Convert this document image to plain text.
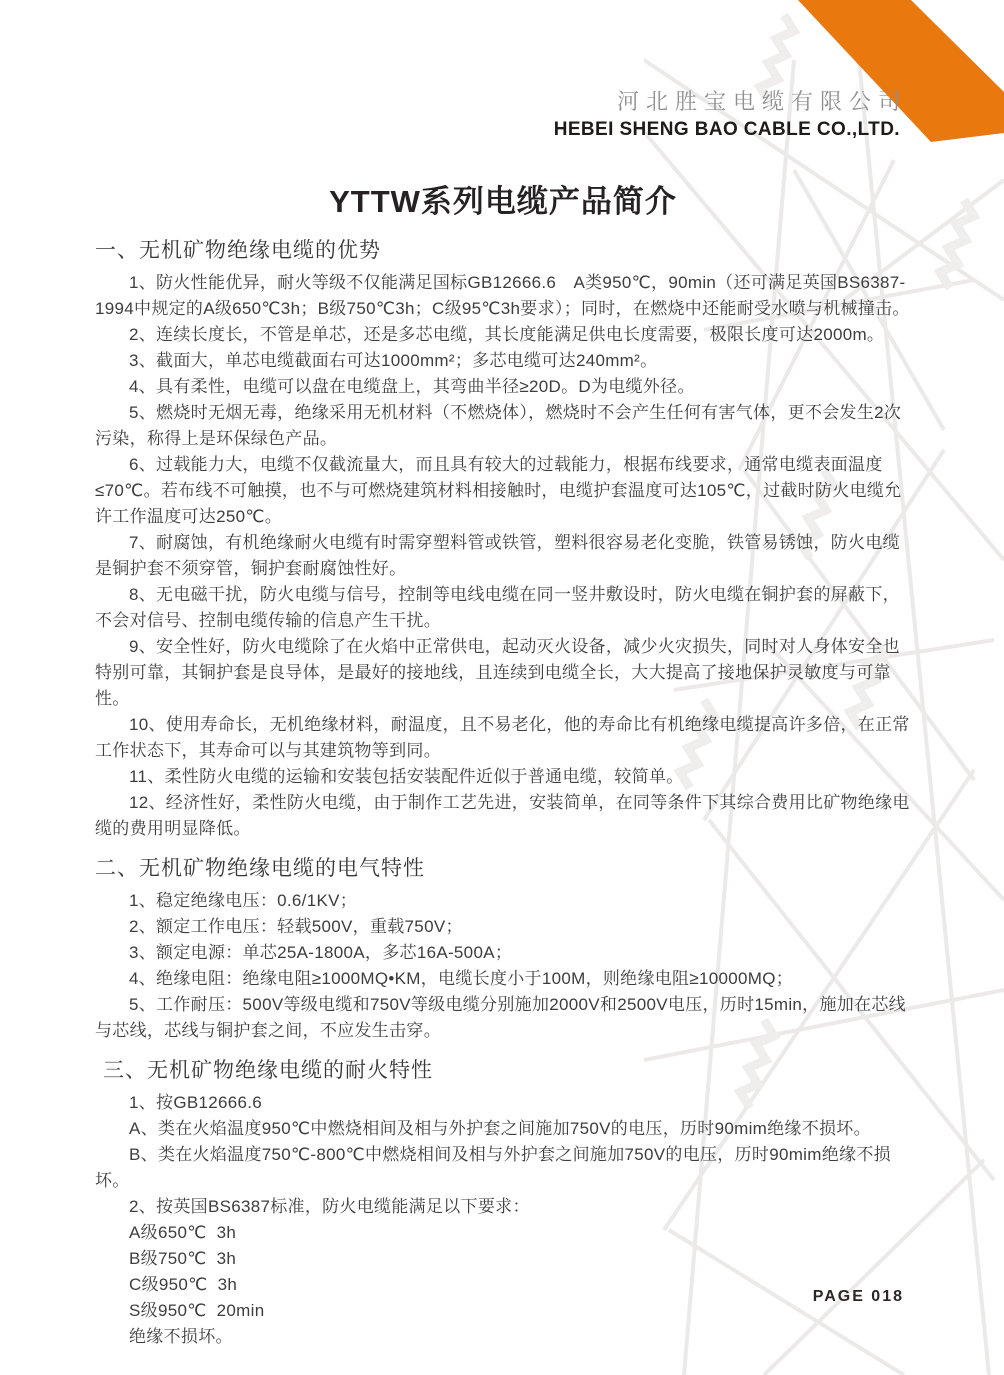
河北胜宝电缆有限公司
HEBEI SHENG BAO CABLE CO.,LTD.
YTTW系列电缆产品简介
一、无机矿物绝缘电缆的优势

1、防火性能优异，耐火等级不仅能满足国标GB12666.6　A类950℃，90min（还可满足英国BS6387-1994中规定的A级650℃3h；B级750℃3h；C级95℃3h要求）；同时，在燃烧中还能耐受水喷与机械撞击。

2、连续长度长，不管是单芯，还是多芯电缆，其长度能满足供电长度需要，极限长度可达2000m。

3、截面大，单芯电缆截面右可达1000mm²；多芯电缆可达240mm²。

4、具有柔性，电缆可以盘在电缆盘上，其弯曲半径≥20D。D为电缆外径。

5、燃烧时无烟无毒，绝缘采用无机材料（不燃烧体），燃烧时不会产生任何有害气体，更不会发生2次污染，称得上是环保绿色产品。

6、过载能力大，电缆不仅截流量大，而且具有较大的过载能力，根据布线要求，通常电缆表面温度≤70℃。若布线不可触摸，也不与可燃烧建筑材料相接触时，电缆护套温度可达105℃，过截时防火电缆允许工作温度可达250℃。

7、耐腐蚀，有机绝缘耐火电缆有时需穿塑料管或铁管，塑料很容易老化变脆，铁管易锈蚀，防火电缆是铜护套不须穿管，铜护套耐腐蚀性好。

8、无电磁干扰，防火电缆与信号，控制等电线电缆在同一竖井敷设时，防火电缆在铜护套的屏蔽下，不会对信号、控制电缆传输的信息产生干扰。

9、安全性好，防火电缆除了在火焰中正常供电，起动灭火设备，减少火灾损失，同时对人身体安全也特别可靠，其铜护套是良导体，是最好的接地线，且连续到电缆全长，大大提高了接地保护灵敏度与可靠性。

10、使用寿命长，无机绝缘材料，耐温度，且不易老化，他的寿命比有机绝缘电缆提高许多倍，在正常工作状态下，其寿命可以与其建筑物等到同。

11、柔性防火电缆的运输和安装包括安装配件近似于普通电缆，较简单。

12、经济性好，柔性防火电缆，由于制作工艺先进，安装简单，在同等条件下其综合费用比矿物绝缘电缆的费用明显降低。

二、无机矿物绝缘电缆的电气特性

1、稳定绝缘电压：0.6/1KV；

2、额定工作电压：轻载500V，重载750V；

3、额定电源：单芯25A-1800A，多芯16A-500A；

4、绝缘电阻：绝缘电阻≥1000MQ•KM，电缆长度小于100M，则绝缘电阻≥10000MQ；

5、工作耐压：500V等级电缆和750V等级电缆分别施加2000V和2500V电压，历时15min，施加在芯线与芯线，芯线与铜护套之间，不应发生击穿。

三、无机矿物绝缘电缆的耐火特性

1、按GB12666.6

A、类在火焰温度950℃中燃烧相间及相与外护套之间施加750V的电压，历时90mim绝缘不损坏。

B、类在火焰温度750℃-800℃中燃烧相间及相与外护套之间施加750V的电压，历时90mim绝缘不损坏。

2、按英国BS6387标准，防火电缆能满足以下要求：

A级650℃  3h

B级750℃  3h

C级950℃  3h

S级950℃  20min

绝缘不损坏。

PAGE 018
